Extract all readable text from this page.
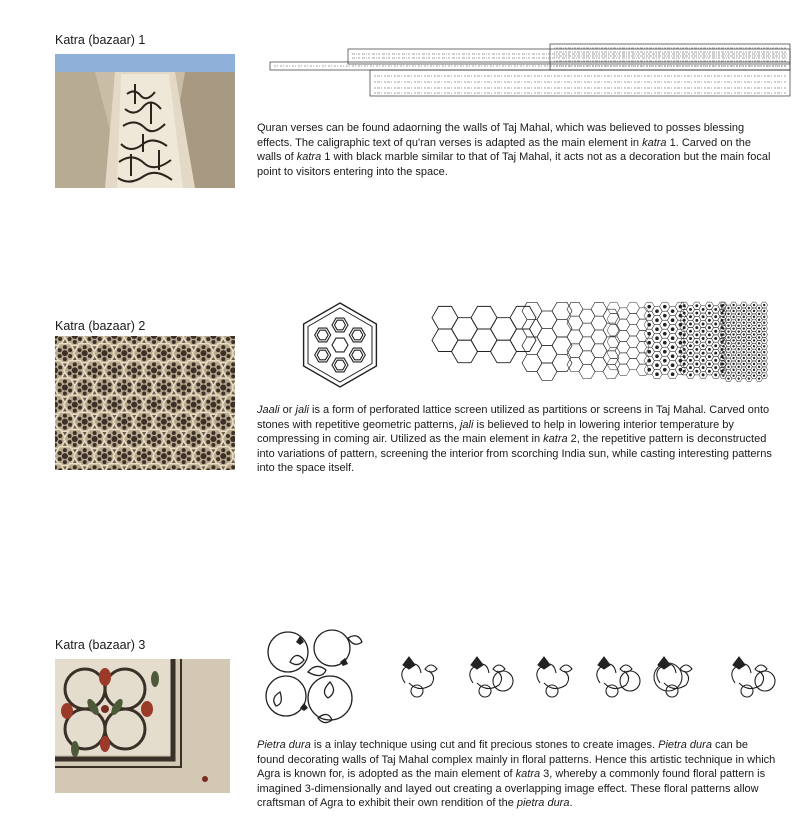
Katra (bazaar) 1

Quran verses can be found adaorning the walls of Taj Mahal, which was believed to posses blessing effects. The caligraphic text of qu'ran verses is adapted as the main element in katra 1. Carved on the walls of katra 1 with black marble similar to that of Taj Mahal, it acts not as a decoration but the main focal point to visitors entering into the space.

Katra (bazaar) 2

Jaali or jali is a form of perforated lattice screen utilized as partitions or screens in Taj Mahal. Carved onto stones with repetitive geometric patterns, jali is believed to help in lowering interior temperature by compressing in coming air. Utilized as the main element in katra 2, the repetitive pattern is deconstructed into variations of pattern, screening the interior from scorching India sun, while casting interesting patterns into the space itself.

Katra (bazaar) 3

Pietra dura is a inlay technique using cut and fit precious stones to create images. Pietra dura can be found decorating walls of Taj Mahal complex mainly in floral patterns. Hence this artistic technique in which Agra is known for, is adopted as the main element of katra 3, whereby a commonly found floral pattern is imagined 3-dimensionally and layed out creating a overlapping image effect. These floral patterns allow craftsman of Agra to exhibit their own rendition of the pietra dura.
